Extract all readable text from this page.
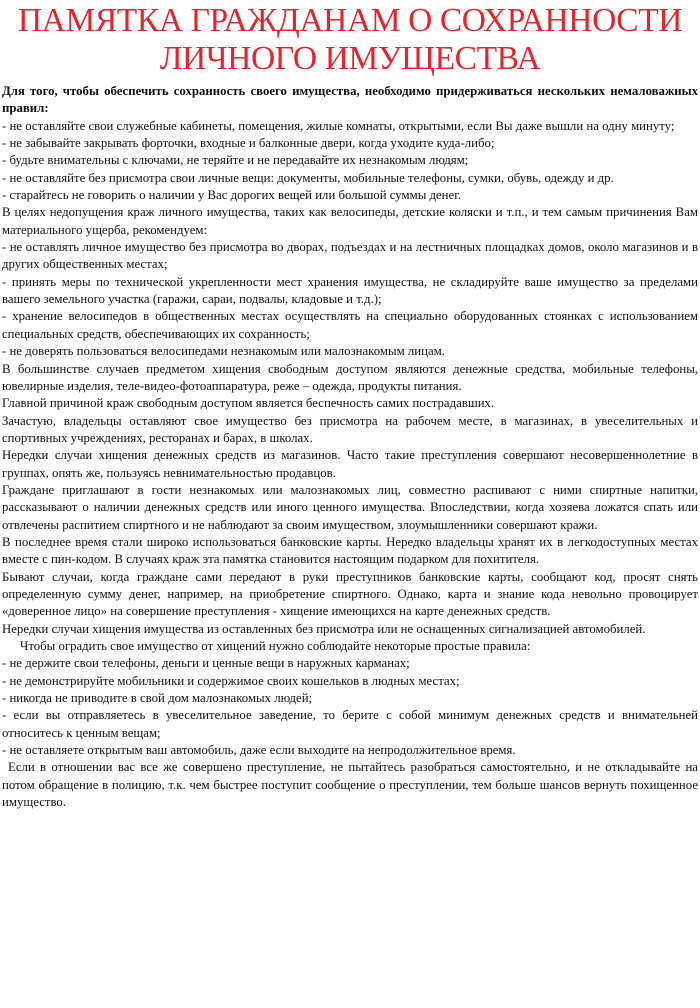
ПАМЯТКА ГРАЖДАНАМ О СОХРАННОСТИ
ЛИЧНОГО ИМУЩЕСТВА

Для того, чтобы обеспечить сохранность своего имущества, необходимо придерживаться нескольких немаловажных правил:

- не оставляйте свои служебные кабинеты, помещения, жилые комнаты, открытыми, если Вы даже вышли на одну минуту;

- не забывайте закрывать форточки, входные и балконные двери, когда уходите куда-либо;

- будьте внимательны с ключами, не теряйте и не передавайте их незнакомым людям;

- не оставляйте без присмотра свои личные вещи: документы, мобильные телефоны, сумки, обувь, одежду и др.

- старайтесь не говорить о наличии у Вас дорогих вещей или большой суммы денег.

В целях недопущения краж личного имущества, таких как велосипеды, детские коляски и т.п., и тем самым причинения Вам материального ущерба, рекомендуем:

- не оставлять личное имущество без присмотра во дворах, подъездах и на лестничных площадках домов, около магазинов и в других общественных местах;

- принять меры по технической укрепленности мест хранения имущества, не складируйте ваше имущество за пределами вашего земельного участка (гаражи, сараи, подвалы, кладовые и т.д.);

- хранение велосипедов в общественных местах осуществлять на специально оборудованных стоянках с использованием специальных средств, обеспечивающих их сохранность;

- не доверять пользоваться велосипедами незнакомым или малознакомым лицам.

В большинстве случаев предметом хищения свободным доступом являются денежные средства, мобильные телефоны, ювелирные изделия, теле-видео-фотоаппаратура, реже – одежда, продукты питания.

Главной причиной краж свободным доступом является беспечность самих пострадавших.

Зачастую, владельцы оставляют свое имущество без присмотра на рабочем месте, в магазинах, в увеселительных и спортивных учреждениях, ресторанах и барах, в школах.

Нередки случаи хищения денежных средств из магазинов. Часто такие преступления совершают несовершеннолетние в группах, опять же, пользуясь невнимательностью продавцов.

Граждане приглашают в гости незнакомых или малознакомых лиц, совместно распивают с ними спиртные напитки, рассказывают о наличии денежных средств или иного ценного имущества. Впоследствии, когда хозяева ложатся спать или отвлечены распитием спиртного и не наблюдают за своим имуществом, злоумышленники совершают кражи.

В последнее время стали широко использоваться банковские карты. Нередко владельцы хранят их в легкодоступных местах вместе с пин-кодом. В случаях краж эта памятка становится настоящим подарком для похитителя.

Бывают случаи, когда граждане сами передают в руки преступников банковские карты, сообщают код, просят снять определенную сумму денег, например, на приобретение спиртного. Однако, карта и знание кода невольно провоцирует «доверенное лицо» на совершение преступления - хищение имеющихся на карте денежных средств.

Нередки случаи хищения имущества из оставленных без присмотра или не оснащенных сигнализацией автомобилей.

Чтобы оградить свое имущество от хищений нужно соблюдайте некоторые простые правила:

- не держите свои телефоны, деньги и ценные вещи в наружных карманах;

- не демонстрируйте мобильники и содержимое своих кошельков в людных местах;

- никогда не приводите в свой дом малознакомых людей;

- если вы отправляетесь в увеселительное заведение, то берите с собой минимум денежных средств и внимательней относитесь к ценным вещам;

- не оставляете открытым ваш автомобиль, даже если выходите на непродолжительное время.

Если в отношении вас все же совершено преступление, не пытайтесь разобраться самостоятельно, и не откладывайте на потом обращение в полицию, т.к. чем быстрее поступит сообщение о преступлении, тем больше шансов вернуть похищенное имущество.
